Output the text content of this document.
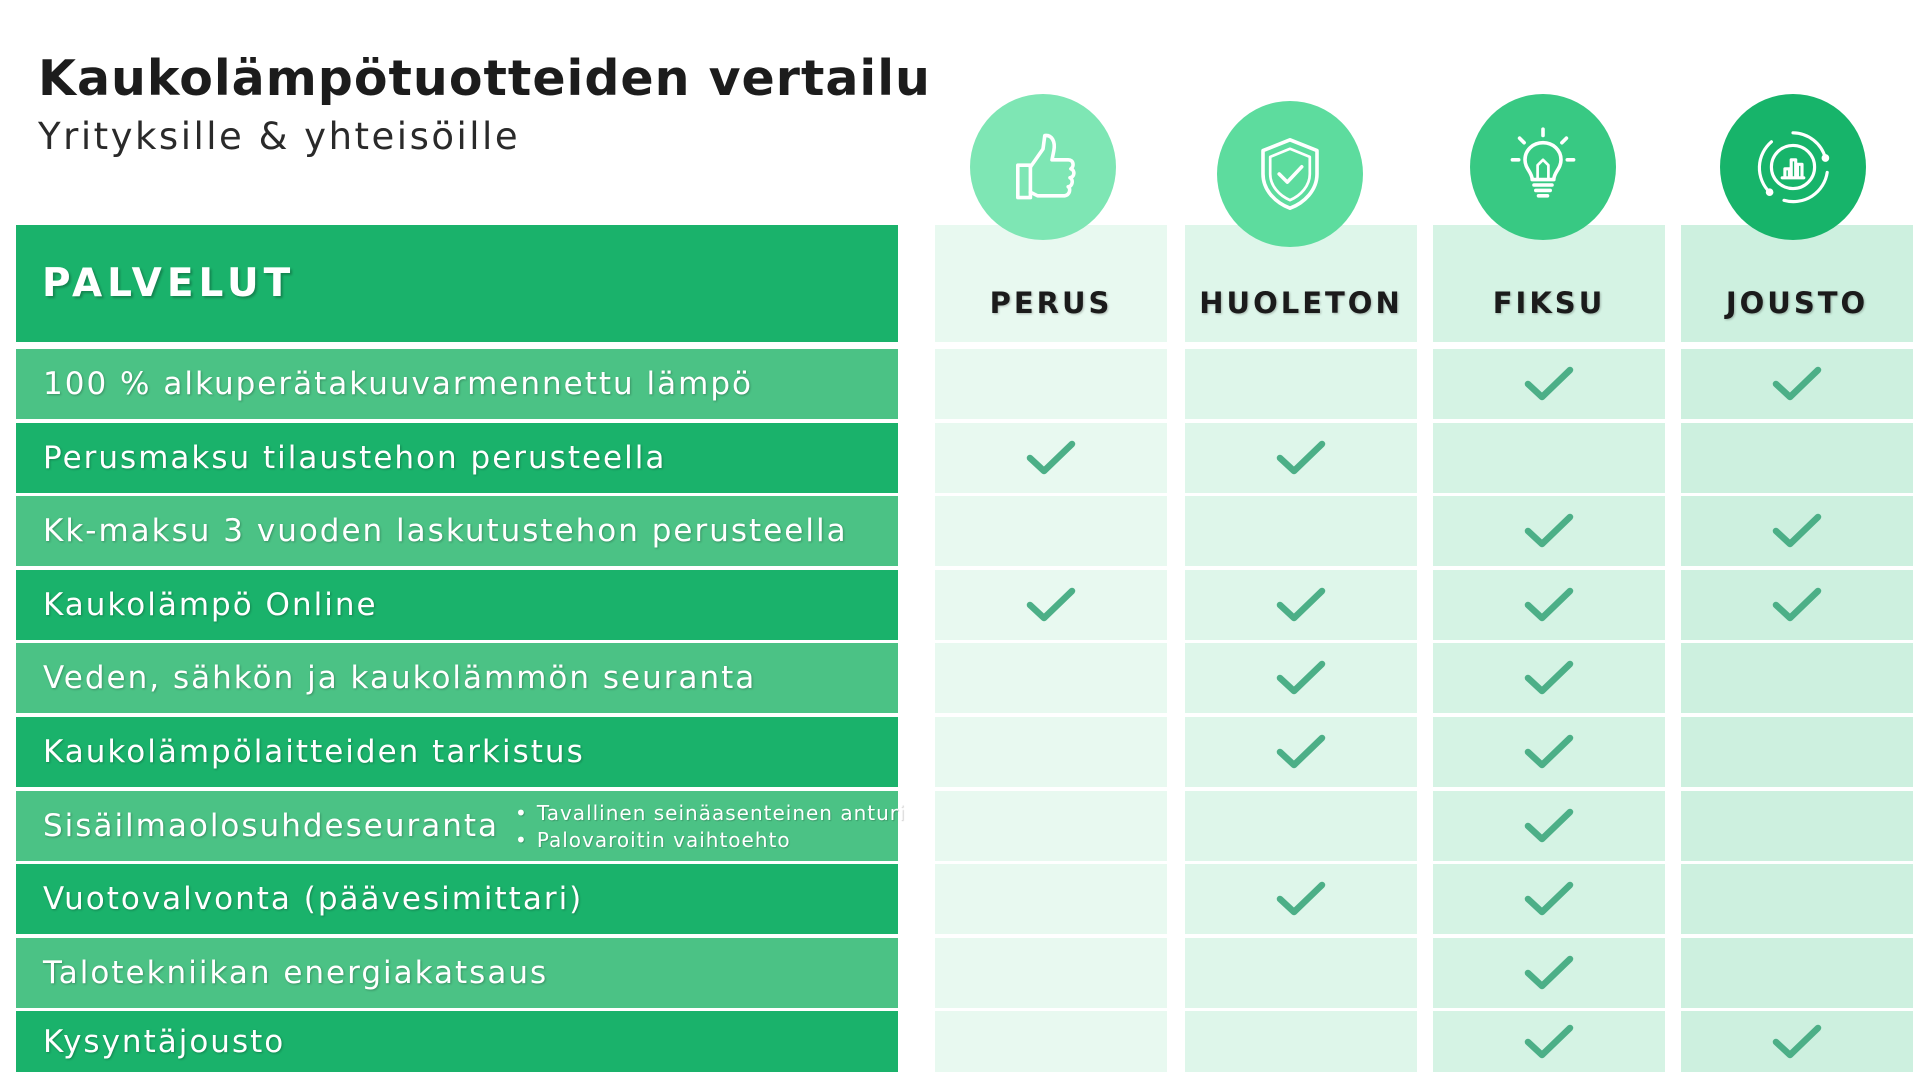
Kaukolämpötuotteiden vertailu

Yrityksille & yhteisöille

PALVELUT	PERUS	HUOLETON	FIKSU	JOUSTO
100 % alkuperätakuuvarmennettu lämpö
Perusmaksu tilaustehon perusteella
Kk-maksu 3 vuoden laskutustehon perusteella
Kaukolämpö Online
Veden, sähkön ja kaukolämmön seuranta
Kaukolämpölaitteiden tarkistus
Sisäilmaolosuhdeseuranta
•	Tavallinen seinäasenteinen anturi
• Palovaroitin vaihtoehto
Vuotovalvonta (päävesimittari)
Talotekniikan energiakatsaus
Kysyntäjousto
